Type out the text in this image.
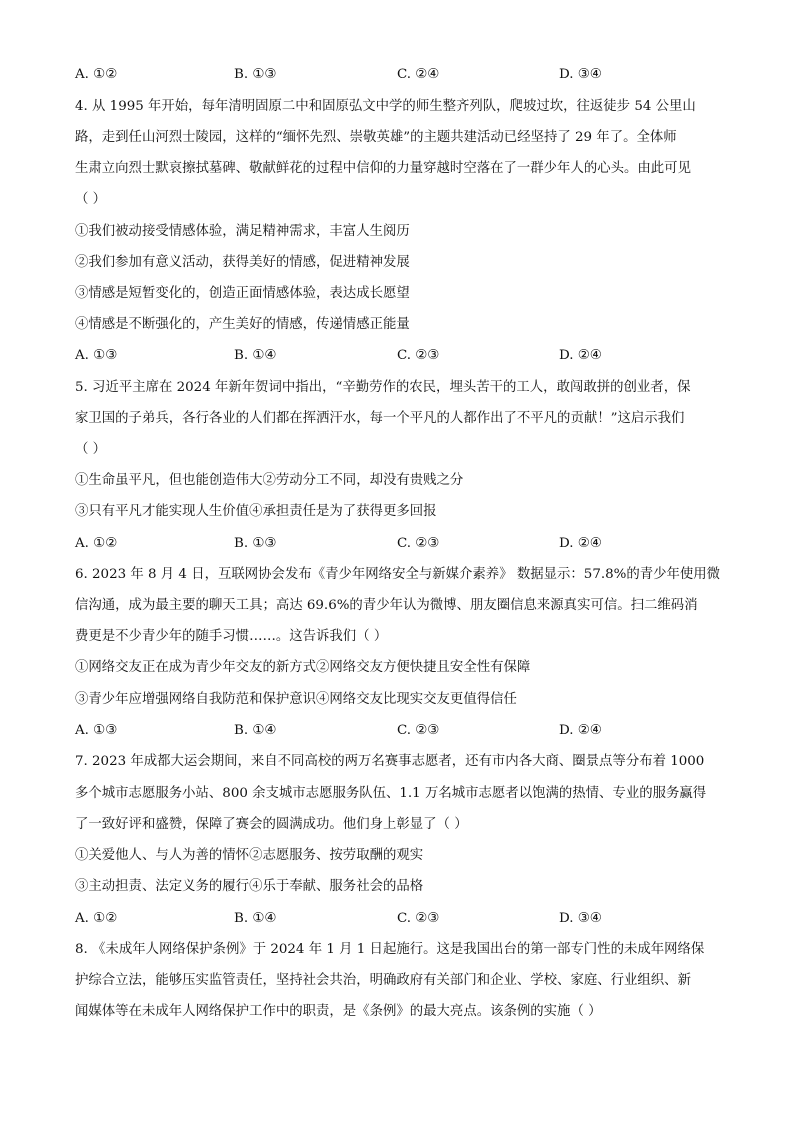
A. ①②	B. ①③	C. ②④	D. ③④
4. 从 1995 年开始，每年清明固原二中和固原弘文中学的师生整齐列队，爬坡过坎，往返徒步 54 公里山
路，走到任山河烈士陵园，这样的“缅怀先烈、崇敬英雄”的主题共建活动已经坚持了 29 年了。全体师
生肃立向烈士默哀擦拭墓碑、敬献鲜花的过程中信仰的力量穿越时空落在了一群少年人的心头。由此可见
（ ）
①我们被动接受情感体验，满足精神需求，丰富人生阅历
②我们参加有意义活动，获得美好的情感，促进精神发展
③情感是短暂变化的，创造正面情感体验，表达成长愿望
④情感是不断强化的，产生美好的情感，传递情感正能量
A. ①③	B. ①④	C. ②③	D. ②④
5. 习近平主席在 2024 年新年贺词中指出，“辛勤劳作的农民，埋头苦干的工人，敢闯敢拼的创业者，保
家卫国的子弟兵，各行各业的人们都在挥洒汗水，每一个平凡的人都作出了不平凡的贡献！”这启示我们
（ ）
①生命虽平凡，但也能创造伟大②劳动分工不同，却没有贵贱之分
③只有平凡才能实现人生价值④承担责任是为了获得更多回报
A. ①②	B. ①③	C. ②③	D. ②④
6. 2023 年 8 月 4 日，互联网协会发布《青少年网络安全与新媒介素养》 数据显示：57.8%的青少年使用微
信沟通，成为最主要的聊天工具；高达 69.6%的青少年认为微博、朋友圈信息来源真实可信。扫二维码消
费更是不少青少年的随手习惯……。这告诉我们（ ）
①网络交友正在成为青少年交友的新方式②网络交友方便快捷且安全性有保障
③青少年应增强网络自我防范和保护意识④网络交友比现实交友更值得信任
A. ①③	B. ①④	C. ②③	D. ②④
7. 2023 年成都大运会期间，来自不同高校的两万名赛事志愿者，还有市内各大商、圈景点等分布着 1000
多个城市志愿服务小站、800 余支城市志愿服务队伍、1.1 万名城市志愿者以饱满的热情、专业的服务赢得
了一致好评和盛赞，保障了赛会的圆满成功。他们身上彰显了（ ）
①关爱他人、与人为善的情怀②志愿服务、按劳取酬的观实
③主动担责、法定义务的履行④乐于奉献、服务社会的品格
A. ①②	B. ①④	C. ②③	D. ③④
8. 《未成年人网络保护条例》于 2024 年 1 月 1 日起施行。这是我国出台的第一部专门性的未成年网络保
护综合立法，能够压实监管责任，坚持社会共治，明确政府有关部门和企业、学校、家庭、行业组织、新
闻媒体等在未成年人网络保护工作中的职责，是《条例》的最大亮点。该条例的实施（ ）
